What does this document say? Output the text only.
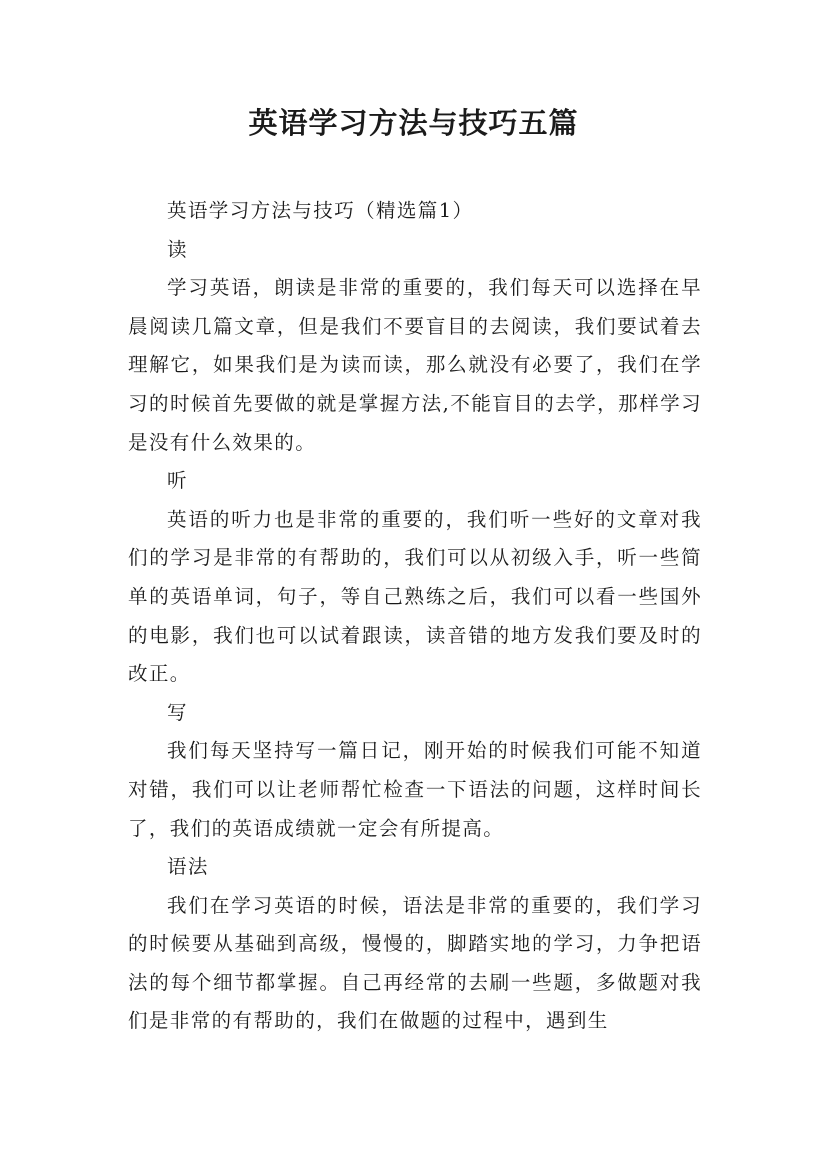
英语学习方法与技巧五篇

英语学习方法与技巧（精选篇1）

读

学习英语，朗读是非常的重要的，我们每天可以选择在早晨阅读几篇文章，但是我们不要盲目的去阅读，我们要试着去理解它，如果我们是为读而读，那么就没有必要了，我们在学习的时候首先要做的就是掌握方法,不能盲目的去学，那样学习是没有什么效果的。

听

英语的听力也是非常的重要的，我们听一些好的文章对我们的学习是非常的有帮助的，我们可以从初级入手，听一些简单的英语单词，句子，等自己熟练之后，我们可以看一些国外的电影，我们也可以试着跟读，读音错的地方发我们要及时的改正。

写

我们每天坚持写一篇日记，刚开始的时候我们可能不知道对错，我们可以让老师帮忙检查一下语法的问题，这样时间长了，我们的英语成绩就一定会有所提高。

语法

我们在学习英语的时候，语法是非常的重要的，我们学习的时候要从基础到高级，慢慢的，脚踏实地的学习，力争把语法的每个细节都掌握。自己再经常的去刷一些题，多做题对我们是非常的有帮助的，我们在做题的过程中，遇到生
